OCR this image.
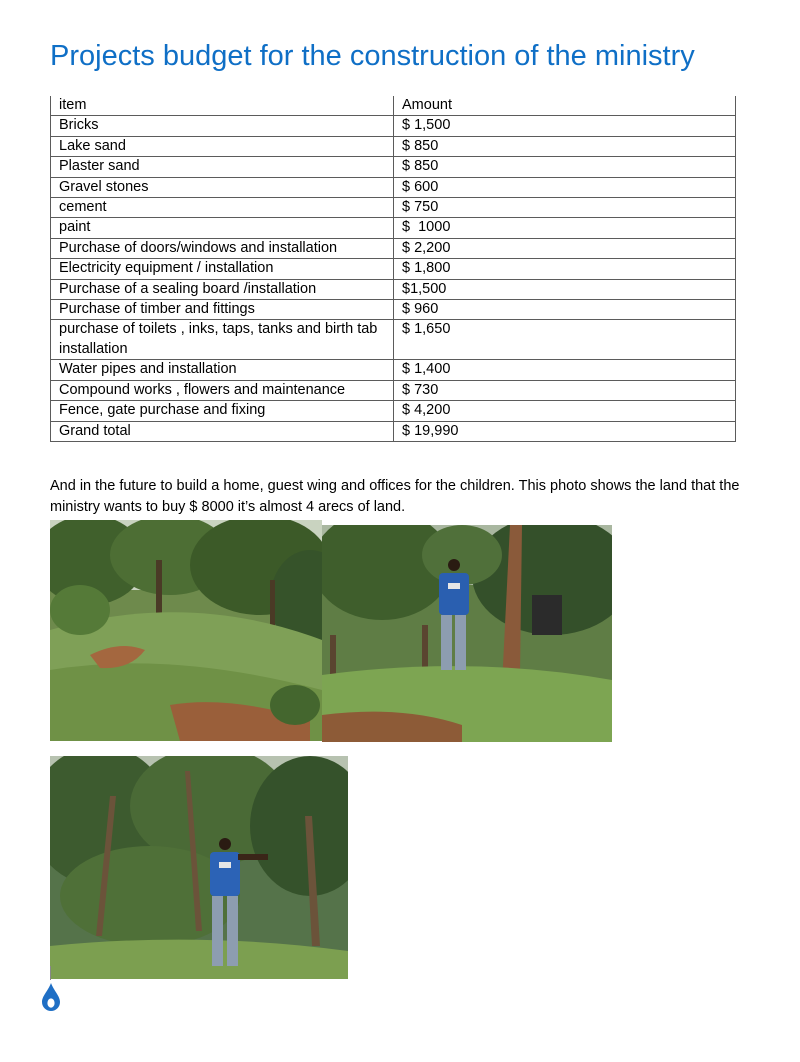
Projects budget for the construction of the ministry
item	Amount
Bricks	$ 1,500
Lake sand	$ 850
Plaster sand	$ 850
Gravel stones	$ 600
cement	$ 750
paint	$  1000
Purchase of doors/windows and installation	$ 2,200
Electricity equipment / installation	$ 1,800
Purchase of a sealing board /installation	$1,500
Purchase of timber and fittings	$ 960
purchase of toilets , inks, taps, tanks and birth tab installation	$ 1,650
Water pipes and installation	$ 1,400
Compound works , flowers and maintenance	$ 730
Fence, gate purchase and fixing	$ 4,200
Grand total	$ 19,990

And in the future to build a home, guest wing and offices for the children. This photo shows the land that the ministry wants to buy $ 8000 it’s almost 4 arecs of land.
